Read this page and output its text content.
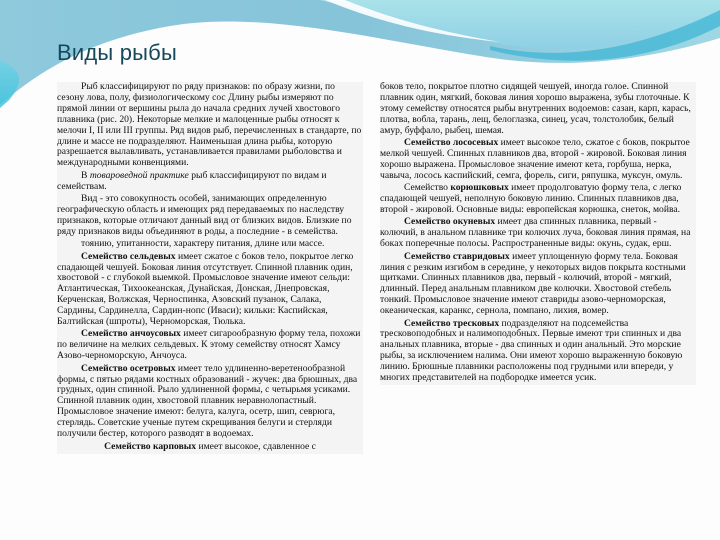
Виды рыбы

Рыб классифицируют по ряду признаков: по образу жизни, по сезону лова, полу, физиологическому сос Длину рыбы измеряют по прямой линии от вершины рыла до начала средних лучей хвостового плавника (рис. 20). Некоторые мелкие и малоценные рыбы относят к мелочи I, II или III группы. Ряд видов рыб, перечисленных в стандарте, по длине и массе не подразделяют. Наименьшая длина рыбы, которую разрешается вылавливать, устанавливается правилами рыболовства и международными конвенциями.

В товароведной практике рыб классифицируют по видам и семействам.

Вид - это совокупность особей, занимающих определенную географическую область и имеющих ряд передаваемых по наследству признаков, которые отличают данный вид от близких видов. Близкие по ряду признаков виды объединяют в роды, а последние - в семейства.

тоянию, упитанности, характеру питания, длине или массе.

Семейство сельдевых имеет сжатое с боков тело, покрытое легко спадающей чешуей. Боковая линия отсутствует. Спинной плавник один, хвостовой - с глубокой выемкой. Промысловое значение имеют сельди: Атлантическая, Тихоокеанская, Дунайская, Донская, Днепровская, Керченская, Волжская, Черноспинка, Азовский пузанок, Салака, Сардины, Сардинелла, Сардин-нопс (Иваси); кильки: Каспийская, Балтийская (шпроты), Черноморская, Тюлька.

Семейство анчоусовых имеет сигарообразную форму тела, похожи по величине на мелких сельдевых. К этому семейству относят Хамсу Азово-черноморскую, Анчоуса.

Семейство осетровых имеет тело удлиненно-веретенообразной формы, с пятью рядами костных образований - жучек: два брюшных, два грудных, один спинной. Рыло удлиненной формы, с четырьмя усиками. Спинной плавник один, хвостовой плавник неравнолопастный. Промысловое значение имеют: белуга, калуга, осетр, шип, севрюга, стерлядь. Советские ученые путем скрещивания белуги и стерляди получили бестер, которого разводят в водоемах.

Семейство карповых имеет высокое, сдавленное с

боков тело, покрытое плотно сидящей чешуей, иногда голое. Спинной плавник один, мягкий, боковая линия хорошо выражена, зубы глоточные. К этому семейству относятся рыбы внутренних водоемов: сазан, карп, карась, плотва, вобла, тарань, лещ, белоглазка, синец, усач, толстолобик, белый амур, буффало, рыбец, шемая.

Семейство лососевых имеет высокое тело, сжатое с боков, покрытое мелкой чешуей. Спинных плавников два, второй - жировой. Боковая линия хорошо выражена. Промысловое значение имеют кета, горбуша, нерка, чавыча, лосось каспийский, семга, форель, сиги, ряпушка, муксун, омуль.

Семейство корюшковых имеет продолговатую форму тела, с легко спадающей чешуей, неполную боковую линию. Спинных плавников два, второй - жировой. Основные виды: европейская корюшка, снеток, мойва.

Семейство окуневых имеет два спинных плавника, первый - колючий, в анальном плавнике три колючих луча, боковая линия прямая, на боках поперечные полосы. Распространенные виды: окунь, судак, ерш.

Семейство ставридовых имеет уплощенную форму тела. Боковая линия с резким изгибом в середине, у некоторых видов покрыта костными щитками. Спинных плавников два, первый - колючий, второй - мягкий, длинный. Перед анальным плавником две колючки. Хвостовой стебель тонкий. Промысловое значение имеют ставриды азово-черноморская, океаническая, каранкс, сернола, помпано, лихия, вомер.

Семейство тресковых подразделяют на подсемейства тресковоподобных и налимоподобных. Первые имеют три спинных и два анальных плавника, вторые - два спинных и один анальный. Это морские рыбы, за исключением налима. Они имеют хорошо выраженную боковую линию. Брюшные плавники расположены под грудными или впереди, у многих представителей на подбородке имеется усик.
